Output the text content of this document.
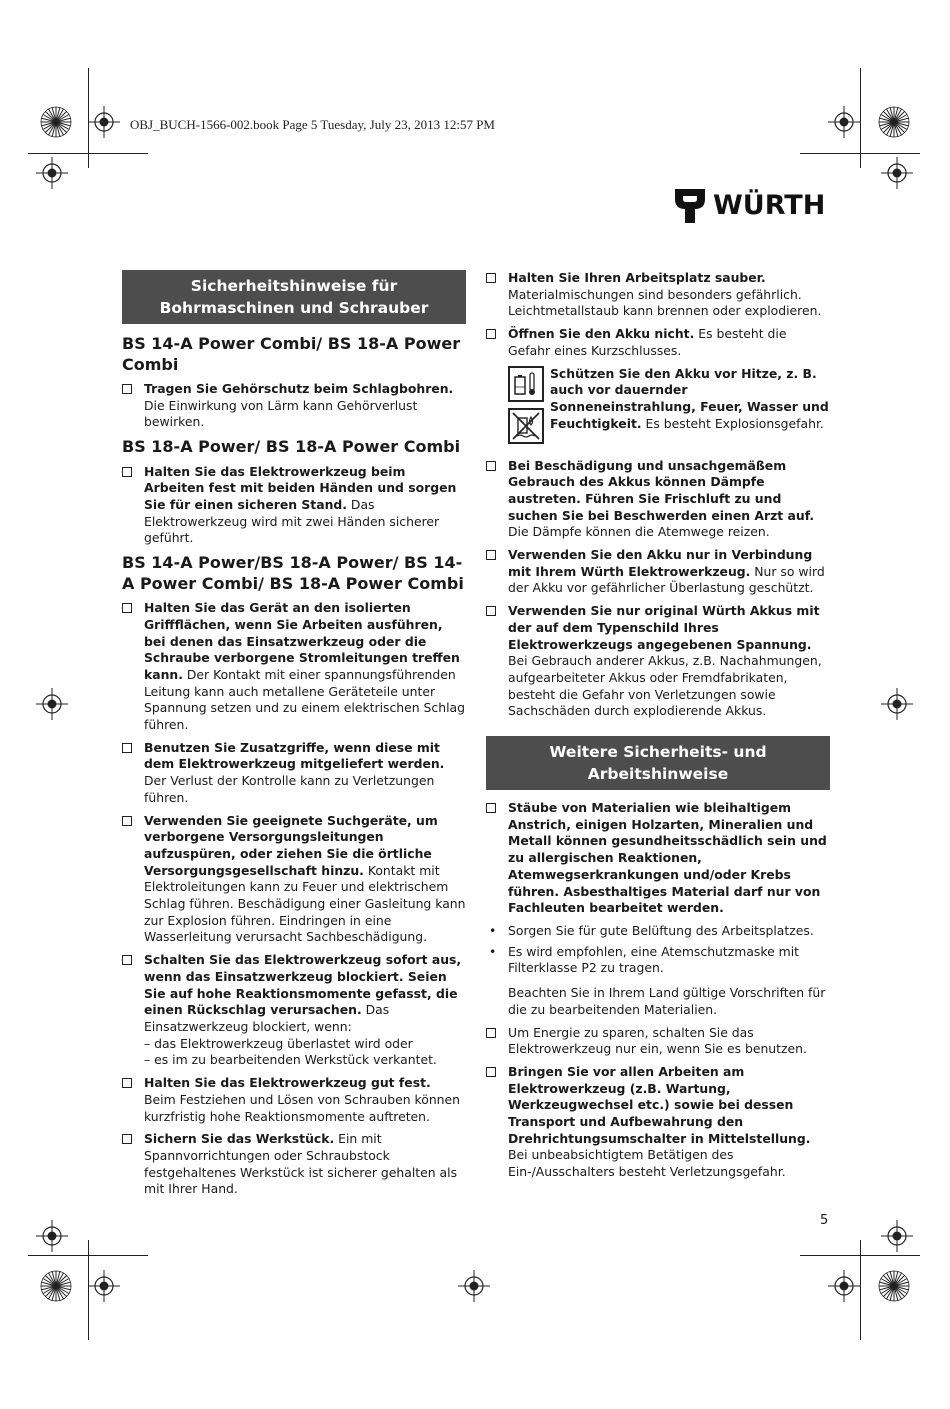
OBJ_BUCH-1566-002.book Page 5 Tuesday, July 23, 2013 12:57 PM
WÜRTH
Sicherheitshinweise für Bohrmaschinen und Schrauber
BS 14-A Power Combi/ BS 18-A Power Combi
Tragen Sie Gehörschutz beim Schlagbohren. Die Einwirkung von Lärm kann Gehörverlust bewirken.
BS 18-A Power/ BS 18-A Power Combi
Halten Sie das Elektrowerkzeug beim Arbeiten fest mit beiden Händen und sorgen Sie für einen sicheren Stand. Das Elektrowerkzeug wird mit zwei Händen sicherer geführt.
BS 14-A Power/BS 18-A Power/ BS 14-A Power Combi/ BS 18-A Power Combi
Halten Sie das Gerät an den isolierten Griffflächen, wenn Sie Arbeiten ausführen, bei denen das Einsatzwerkzeug oder die Schraube verborgene Stromleitungen treffen kann. Der Kontakt mit einer spannungsführenden Leitung kann auch metallene Geräteteile unter Spannung setzen und zu einem elektrischen Schlag führen.
Benutzen Sie Zusatzgriffe, wenn diese mit dem Elektrowerkzeug mitgeliefert werden. Der Verlust der Kontrolle kann zu Verletzungen führen.
Verwenden Sie geeignete Suchgeräte, um verborgene Versorgungsleitungen aufzuspüren, oder ziehen Sie die örtliche Versorgungsgesellschaft hinzu. Kontakt mit Elektroleitungen kann zu Feuer und elektrischem Schlag führen. Beschädigung einer Gasleitung kann zur Explosion führen. Eindringen in eine Wasserleitung verursacht Sachbeschädigung.
Schalten Sie das Elektrowerkzeug sofort aus, wenn das Einsatzwerkzeug blockiert. Seien Sie auf hohe Reaktionsmomente gefasst, die einen Rückschlag verursachen. Das Einsatzwerkzeug blockiert, wenn:
– das Elektrowerkzeug überlastet wird oder
– es im zu bearbeitenden Werkstück verkantet.
Halten Sie das Elektrowerkzeug gut fest. Beim Festziehen und Lösen von Schrauben können kurzfristig hohe Reaktionsmomente auftreten.
Sichern Sie das Werkstück. Ein mit Spannvorrichtungen oder Schraubstock festgehaltenes Werkstück ist sicherer gehalten als mit Ihrer Hand.
Halten Sie Ihren Arbeitsplatz sauber. Materialmischungen sind besonders gefährlich. Leichtmetallstaub kann brennen oder explodieren.
Öffnen Sie den Akku nicht. Es besteht die Gefahr eines Kurzschlusses.

Schützen Sie den Akku vor Hitze, z. B. auch vor dauernder Sonneneinstrahlung, Feuer, Wasser und Feuchtigkeit. Es besteht Explosionsgefahr.
Bei Beschädigung und unsachgemäßem Gebrauch des Akkus können Dämpfe austreten. Führen Sie Frischluft zu und suchen Sie bei Beschwerden einen Arzt auf. Die Dämpfe können die Atemwege reizen.
Verwenden Sie den Akku nur in Verbindung mit Ihrem Würth Elektrowerkzeug. Nur so wird der Akku vor gefährlicher Überlastung geschützt.
Verwenden Sie nur original Würth Akkus mit der auf dem Typenschild Ihres Elektrowerkzeugs angegebenen Spannung. Bei Gebrauch anderer Akkus, z.B. Nachahmungen, aufgearbeiteter Akkus oder Fremdfabrikaten, besteht die Gefahr von Verletzungen sowie Sachschäden durch explodierende Akkus.
Weitere Sicherheits- und Arbeitshinweise
Stäube von Materialien wie bleihaltigem Anstrich, einigen Holzarten, Mineralien und Metall können gesundheitsschädlich sein und zu allergischen Reaktionen, Atemwegserkrankungen und/oder Krebs führen. Asbesthaltiges Material darf nur von Fachleuten bearbeitet werden.
• Sorgen Sie für gute Belüftung des Arbeitsplatzes.
• Es wird empfohlen, eine Atemschutzmaske mit Filterklasse P2 zu tragen.
Beachten Sie in Ihrem Land gültige Vorschriften für die zu bearbeitenden Materialien.
Um Energie zu sparen, schalten Sie das Elektrowerkzeug nur ein, wenn Sie es benutzen.
Bringen Sie vor allen Arbeiten am Elektrowerkzeug (z.B. Wartung, Werkzeugwechsel etc.) sowie bei dessen Transport und Aufbewahrung den Drehrichtungsumschalter in Mittelstellung. Bei unbeabsichtigtem Betätigen des Ein-/Ausschalters besteht Verletzungsgefahr.
5
